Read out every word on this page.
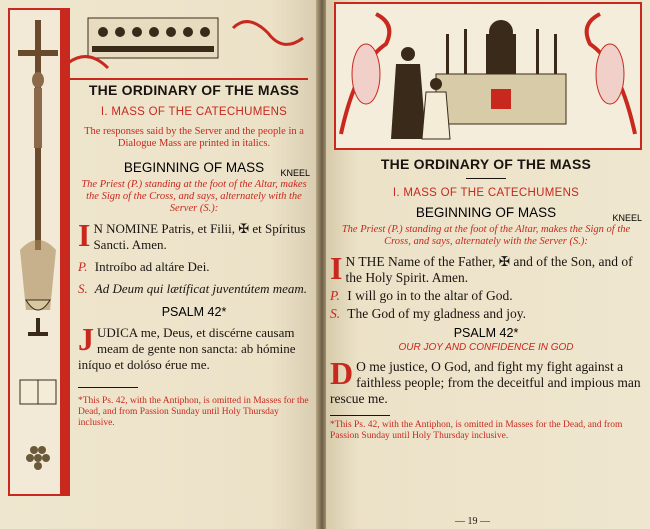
THE ORDINARY OF THE MASS
I. MASS OF THE CATECHUMENS
The responses said by the Server and the people in a Dialogue Mass are printed in italics.
BEGINNING OF MASS KNEEL
The Priest (P.) standing at the foot of the Altar, makes the Sign of the Cross, and says, alternately with the Server (S.):
I N NOMINE Patris, et Filii, ✠ et Spíritus Sancti. Amen.
P. Introíbo ad altáre Dei.
S. Ad Deum qui lætíficat juventútem meam.
PSALM 42*
J UDICA me, Deus, et discérne causam meam de gente non sancta: ab hómine iníquo et dolóso érue me.
*This Ps. 42, with the Antiphon, is omitted in Masses for the Dead, and from Passion Sunday until Holy Thursday inclusive.
THE ORDINARY OF THE MASS
I. MASS OF THE CATECHUMENS
BEGINNING OF MASS	KNEEL
The Priest (P.) standing at the foot of the Altar, makes the Sign of the Cross, and says, alternately with the Server (S.):
I N THE Name of the Father, ✠ and of the Son, and of the Holy Spirit. Amen.
P. I will go in to the altar of God.
S. The God of my gladness and joy.
PSALM 42*
OUR JOY AND CONFIDENCE IN GOD
D O me justice, O God, and fight my fight against a faithless people; from the deceitful and impious man rescue me.
*This Ps. 42, with the Antiphon, is omitted in Masses for the Dead, and from Passion Sunday until Holy Thursday inclusive.
— 19 —
